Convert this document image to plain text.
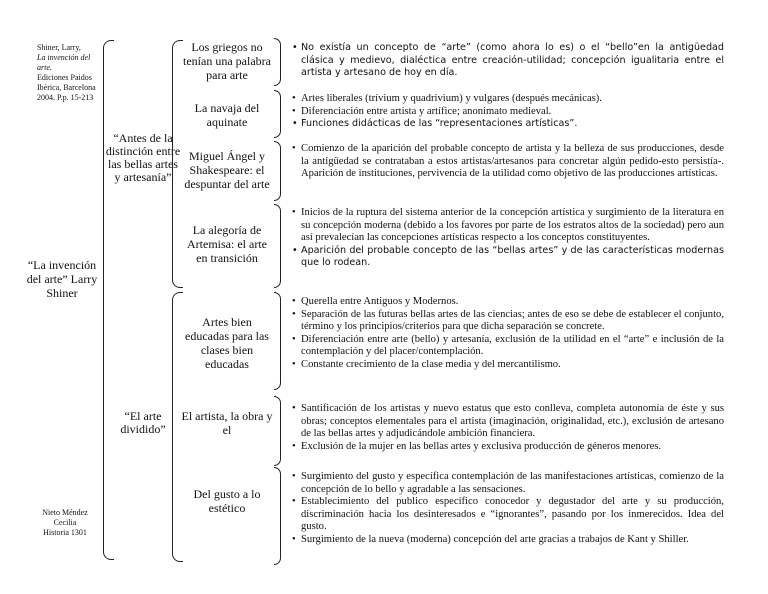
Shiner, Larry,
La invención del arte.
Ediciones Paidos Ibérica, Barcelona 2004. P.p. 15-213
“La invención del arte” Larry Shiner
Nieto Méndez Cecilia Historia 1301
“Antes de la distinción entre las bellas artes y artesanía”
“El arte dividido”
Los griegos no tenían una palabra para arte
La navaja del aquinate
Miguel Ángel y Shakespeare: el despuntar del arte
La alegoría de Artemisa: el arte en transición
Artes bien educadas para las clases bien educadas
El artista, la obra y el
Del gusto a lo estético
• No existía un concepto de “arte” (como ahora lo es) o el “bello”en la antigüedad clásica y medievo, dialéctica entre creación-utilidad; concepción igualitaria entre el artista y artesano de hoy en día.
• Artes liberales (trívium y quadrivium) y vulgares (después mecánicas).
• Diferenciación entre artista y artífice; anonimato medieval.
• Funciones didácticas de las “representaciones artísticas”.
• Comienzo de la aparición del probable concepto de artista y la belleza de sus producciones, desde la antigüedad se contrataban a estos artistas/artesanos para concretar algún pedido-esto persistía-. Aparición de instituciones, pervivencia de la utilidad como objetivo de las producciones artísticas.
• Inicios de la ruptura del sistema anterior de la concepción artística y surgimiento de la literatura en su concepción moderna (debido a los favores por parte de los estratos altos de la sociedad) pero aun así prevalecían las concepciones artísticas respecto a los conceptos constituyentes.
• Aparición del probable concepto de las “bellas artes” y de las características modernas que lo rodean.
• Querella entre Antiguos y Modernos.
• Separación de las futuras bellas artes de las ciencias; antes de eso se debe de establecer el conjunto, término y los principios/criterios para que dicha separación se concrete.
• Diferenciación entre arte (bello) y artesanía, exclusión de la utilidad en el “arte” e inclusión de la contemplación y del placer/contemplación.
• Constante crecimiento de la clase media y del mercantilismo.
• Santificación de los artistas y nuevo estatus que esto conlleva, completa autonomía de éste y sus obras; conceptos elementales para el artista (imaginación, originalidad, etc.), exclusión de artesano de las bellas artes y adjudicándole ambición financiera.
• Exclusión de la mujer en las bellas artes y exclusiva producción de géneros menores.
• Surgimiento del gusto y específica contemplación de las manifestaciones artísticas, comienzo de la concepción de lo bello y agradable a las sensaciones.
• Establecimiento del publico específico conocedor y degustador del arte y su producción, discriminación hacia los desinteresados e “ignorantes”, pasando por los inmerecidos. Idea del gusto.
• Surgimiento de la nueva (moderna) concepción del arte gracias a trabajos de Kant y Shiller.
